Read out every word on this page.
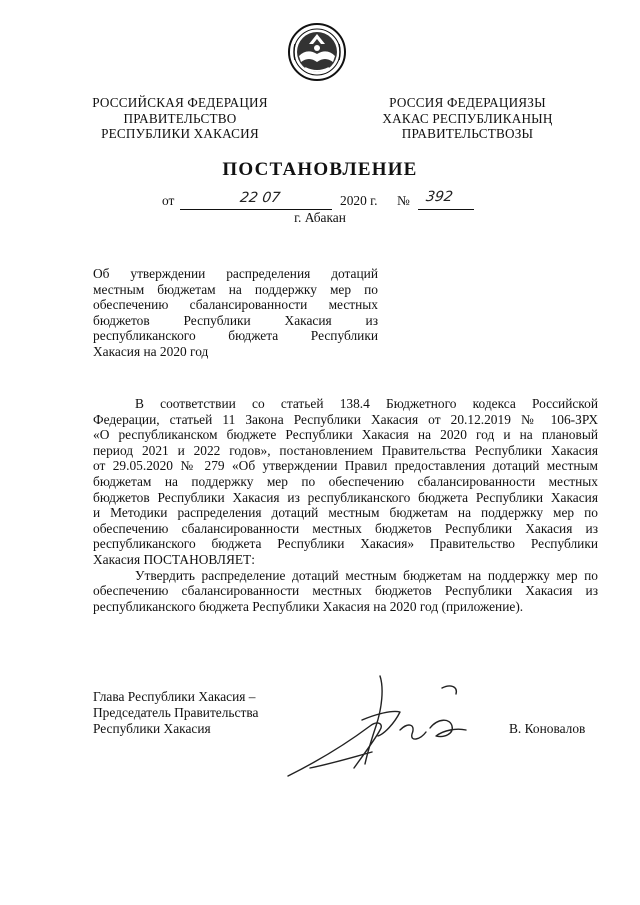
РОССИЙСКАЯ ФЕДЕРАЦИЯ
ПРАВИТЕЛЬСТВО
РЕСПУБЛИКИ ХАКАСИЯ
РОССИЯ ФЕДЕРАЦИЯЗЫ
ХАКАС РЕСПУБЛИКАНЫҢ
ПРАВИТЕЛЬСТВОЗЫ
ПОСТАНОВЛЕНИЕ
от	22 07	2020 г. № 392
г. Абакан
Об утверждении распределения дотаций
местным бюджетам на поддержку мер по
обеспечению сбалансированности местных
бюджетов Республики Хакасия из
республиканского бюджета Республики
Хакасия на 2020 год

В соответствии со статьей 138.4 Бюджетного кодекса Российской
Федерации, статьей 11 Закона Республики Хакасия от 20.12.2019 № 106-ЗРХ
«О республиканском бюджете Республики Хакасия на 2020 год и на плановый
период 2021 и 2022 годов», постановлением Правительства Республики Хакасия
от 29.05.2020 № 279 «Об утверждении Правил предоставления дотаций местным
бюджетам на поддержку мер по обеспечению сбалансированности местных
бюджетов Республики Хакасия из республиканского бюджета Республики Хакасия
и Методики распределения дотаций местным бюджетам на поддержку мер по
обеспечению сбалансированности местных бюджетов Республики Хакасия из
республиканского бюджета Республики Хакасия» Правительство Республики
Хакасия ПОСТАНОВЛЯЕТ:

Утвердить распределение дотаций местным бюджетам на поддержку мер по
обеспечению сбалансированности местных бюджетов Республики Хакасия из
республиканского бюджета Республики Хакасия на 2020 год (приложение).

Глава Республики Хакасия –
Председатель Правительства
Республики Хакасия	В. Коновалов
